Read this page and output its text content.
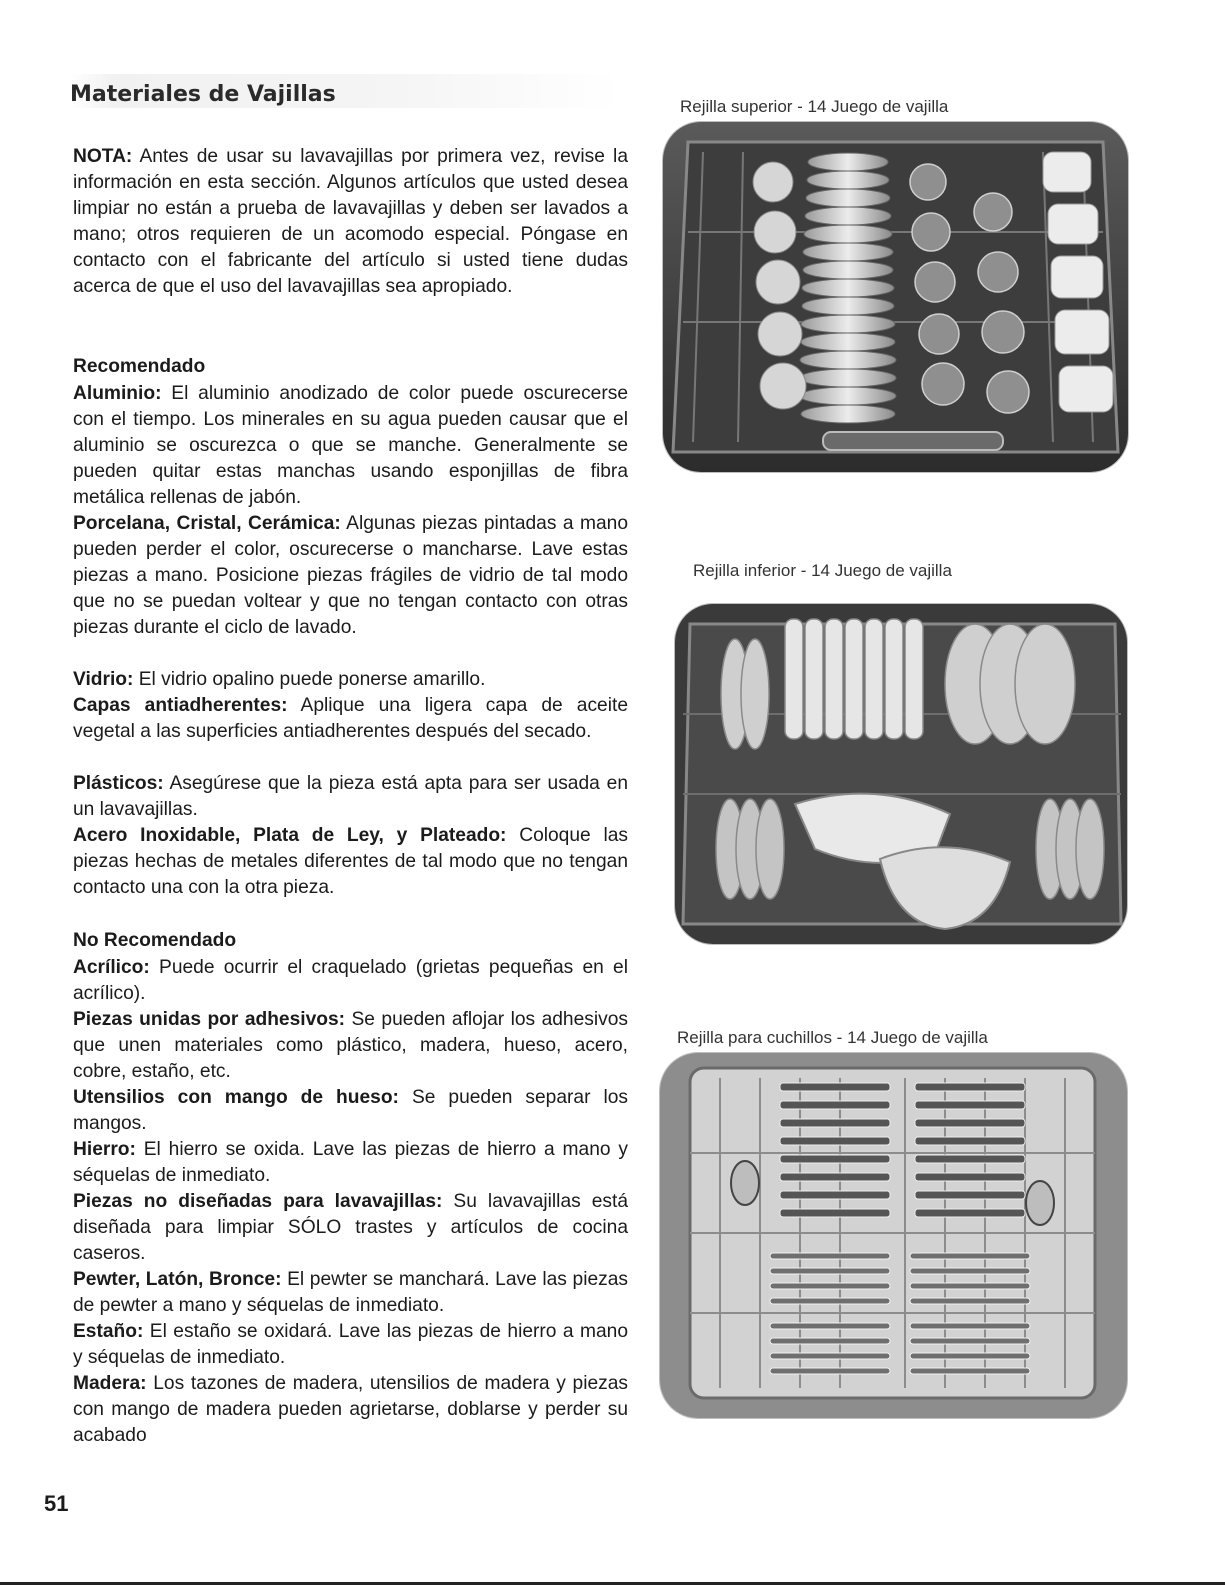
Materiales de Vajillas

NOTA: Antes de usar su lavavajillas por primera vez, revise la información en esta sección. Algunos artículos que usted desea limpiar no están a prueba de lavavajillas y deben ser lavados a mano; otros requieren de un acomodo especial. Póngase en contacto con el fabricante del artículo si usted tiene dudas acerca de que el uso del lavavajillas sea apropiado.

Recomendado

Aluminio: El aluminio anodizado de color puede oscurecerse con el tiempo. Los minerales en su agua pueden causar que el aluminio se oscurezca o que se manche. Generalmente se pueden quitar estas manchas usando esponjillas de fibra metálica rellenas de jabón.

Porcelana, Cristal, Cerámica: Algunas piezas pintadas a mano pueden perder el color, oscurecerse o mancharse. Lave estas piezas a mano. Posicione piezas frágiles de vidrio de tal modo que no se puedan voltear y que no tengan contacto con otras piezas durante el ciclo de lavado.

Vidrio: El vidrio opalino puede ponerse amarillo.

Capas antiadherentes: Aplique una ligera capa de aceite vegetal a las superficies antiadherentes después del secado.

Plásticos: Asegúrese que la pieza está apta para ser usada en un lavavajillas.

Acero Inoxidable, Plata de Ley, y Plateado: Coloque las piezas hechas de metales diferentes de tal modo que no tengan contacto una con la otra pieza.

No Recomendado

Acrílico: Puede ocurrir el craquelado (grietas pequeñas en el acrílico).

Piezas unidas por adhesivos: Se pueden aflojar los adhesivos que unen materiales como plástico, madera, hueso, acero, cobre, estaño, etc.

Utensilios con mango de hueso: Se pueden separar los mangos.

Hierro: El hierro se oxida. Lave las piezas de hierro a mano y séquelas de inmediato.

Piezas no diseñadas para lavavajillas: Su lavavajillas está diseñada para limpiar SÓLO trastes y artículos de cocina caseros.

Pewter, Latón, Bronce: El pewter se manchará. Lave las piezas de pewter a mano y séquelas de inmediato.

Estaño: El estaño se oxidará. Lave las piezas de hierro a mano y séquelas de inmediato.

Madera: Los tazones de madera, utensilios de madera y piezas con mango de madera pueden agrietarse, doblarse y perder su acabado

51
Rejilla superior - 14 Juego de vajilla
Rejilla inferior - 14 Juego de vajilla
Rejilla para cuchillos - 14 Juego de vajilla
